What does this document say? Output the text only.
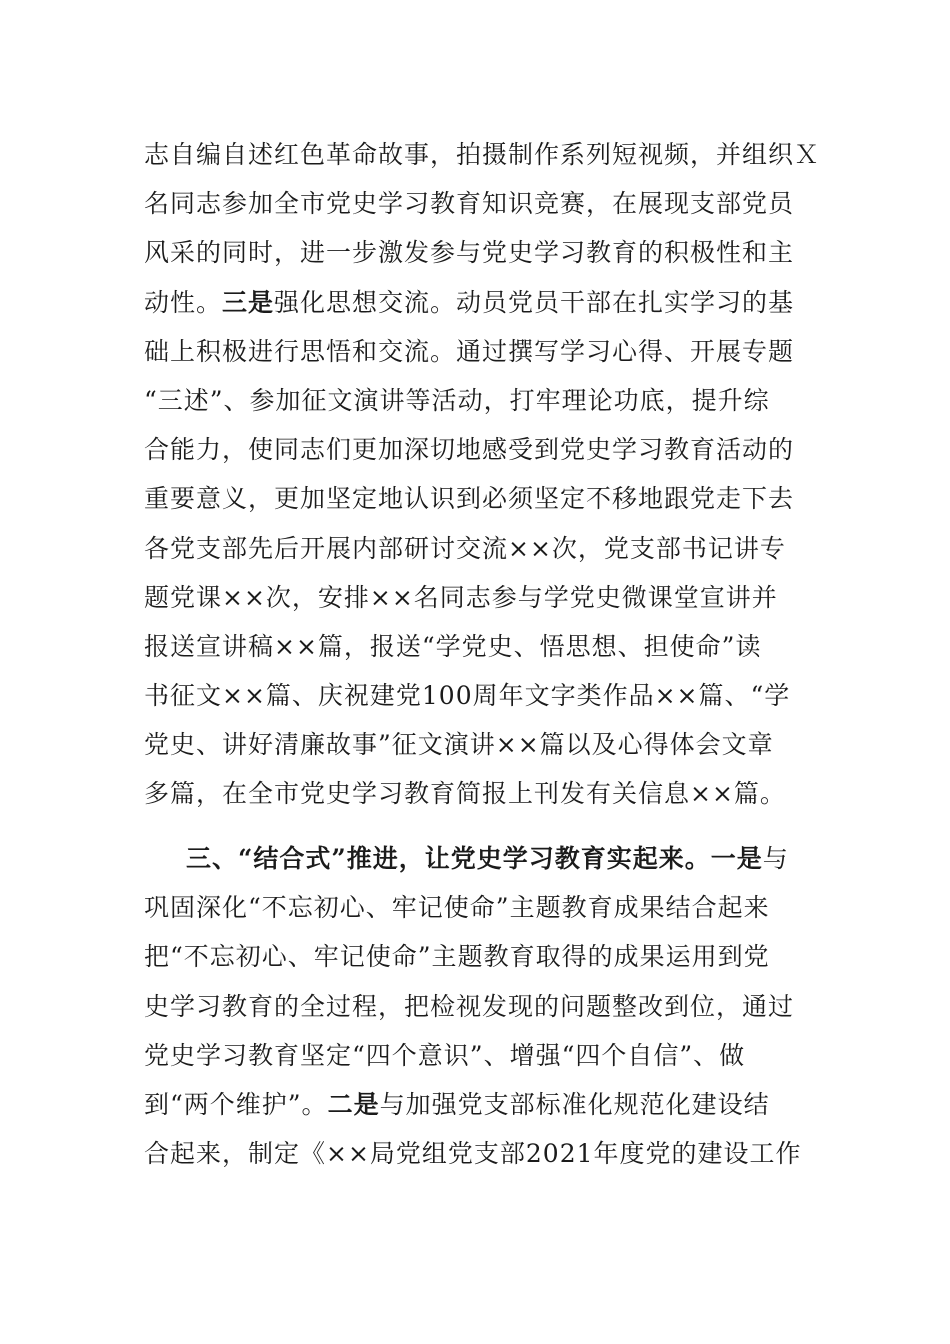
志自编自述红色革命故事，拍摄制作系列短视频，并组织Ｘ
名同志参加全市党史学习教育知识竞赛，在展现支部党员
风采的同时，进一步激发参与党史学习教育的积极性和主
动性。三是强化思想交流。动员党员干部在扎实学习的基
础上积极进行思悟和交流。通过撰写学习心得、开展专题
“三述”、参加征文演讲等活动，打牢理论功底，提升综
合能力，使同志们更加深切地感受到党史学习教育活动的
重要意义，更加坚定地认识到必须坚定不移地跟党走下去
各党支部先后开展内部研讨交流××次，党支部书记讲专
题党课××次，安排××名同志参与学党史微课堂宣讲并
报送宣讲稿××篇，报送“学党史、悟思想、担使命”读
书征文××篇、庆祝建党100周年文字类作品××篇、“学
党史、讲好清廉故事”征文演讲××篇以及心得体会文章
多篇，在全市党史学习教育简报上刊发有关信息××篇。
三、“结合式”推进，让党史学习教育实起来。一是与
巩固深化“不忘初心、牢记使命”主题教育成果结合起来
把“不忘初心、牢记使命”主题教育取得的成果运用到党
史学习教育的全过程，把检视发现的问题整改到位，通过
党史学习教育坚定“四个意识”、增强“四个自信”、做
到“两个维护”。二是与加强党支部标准化规范化建设结
合起来，制定《××局党组党支部2021年度党的建设工作
